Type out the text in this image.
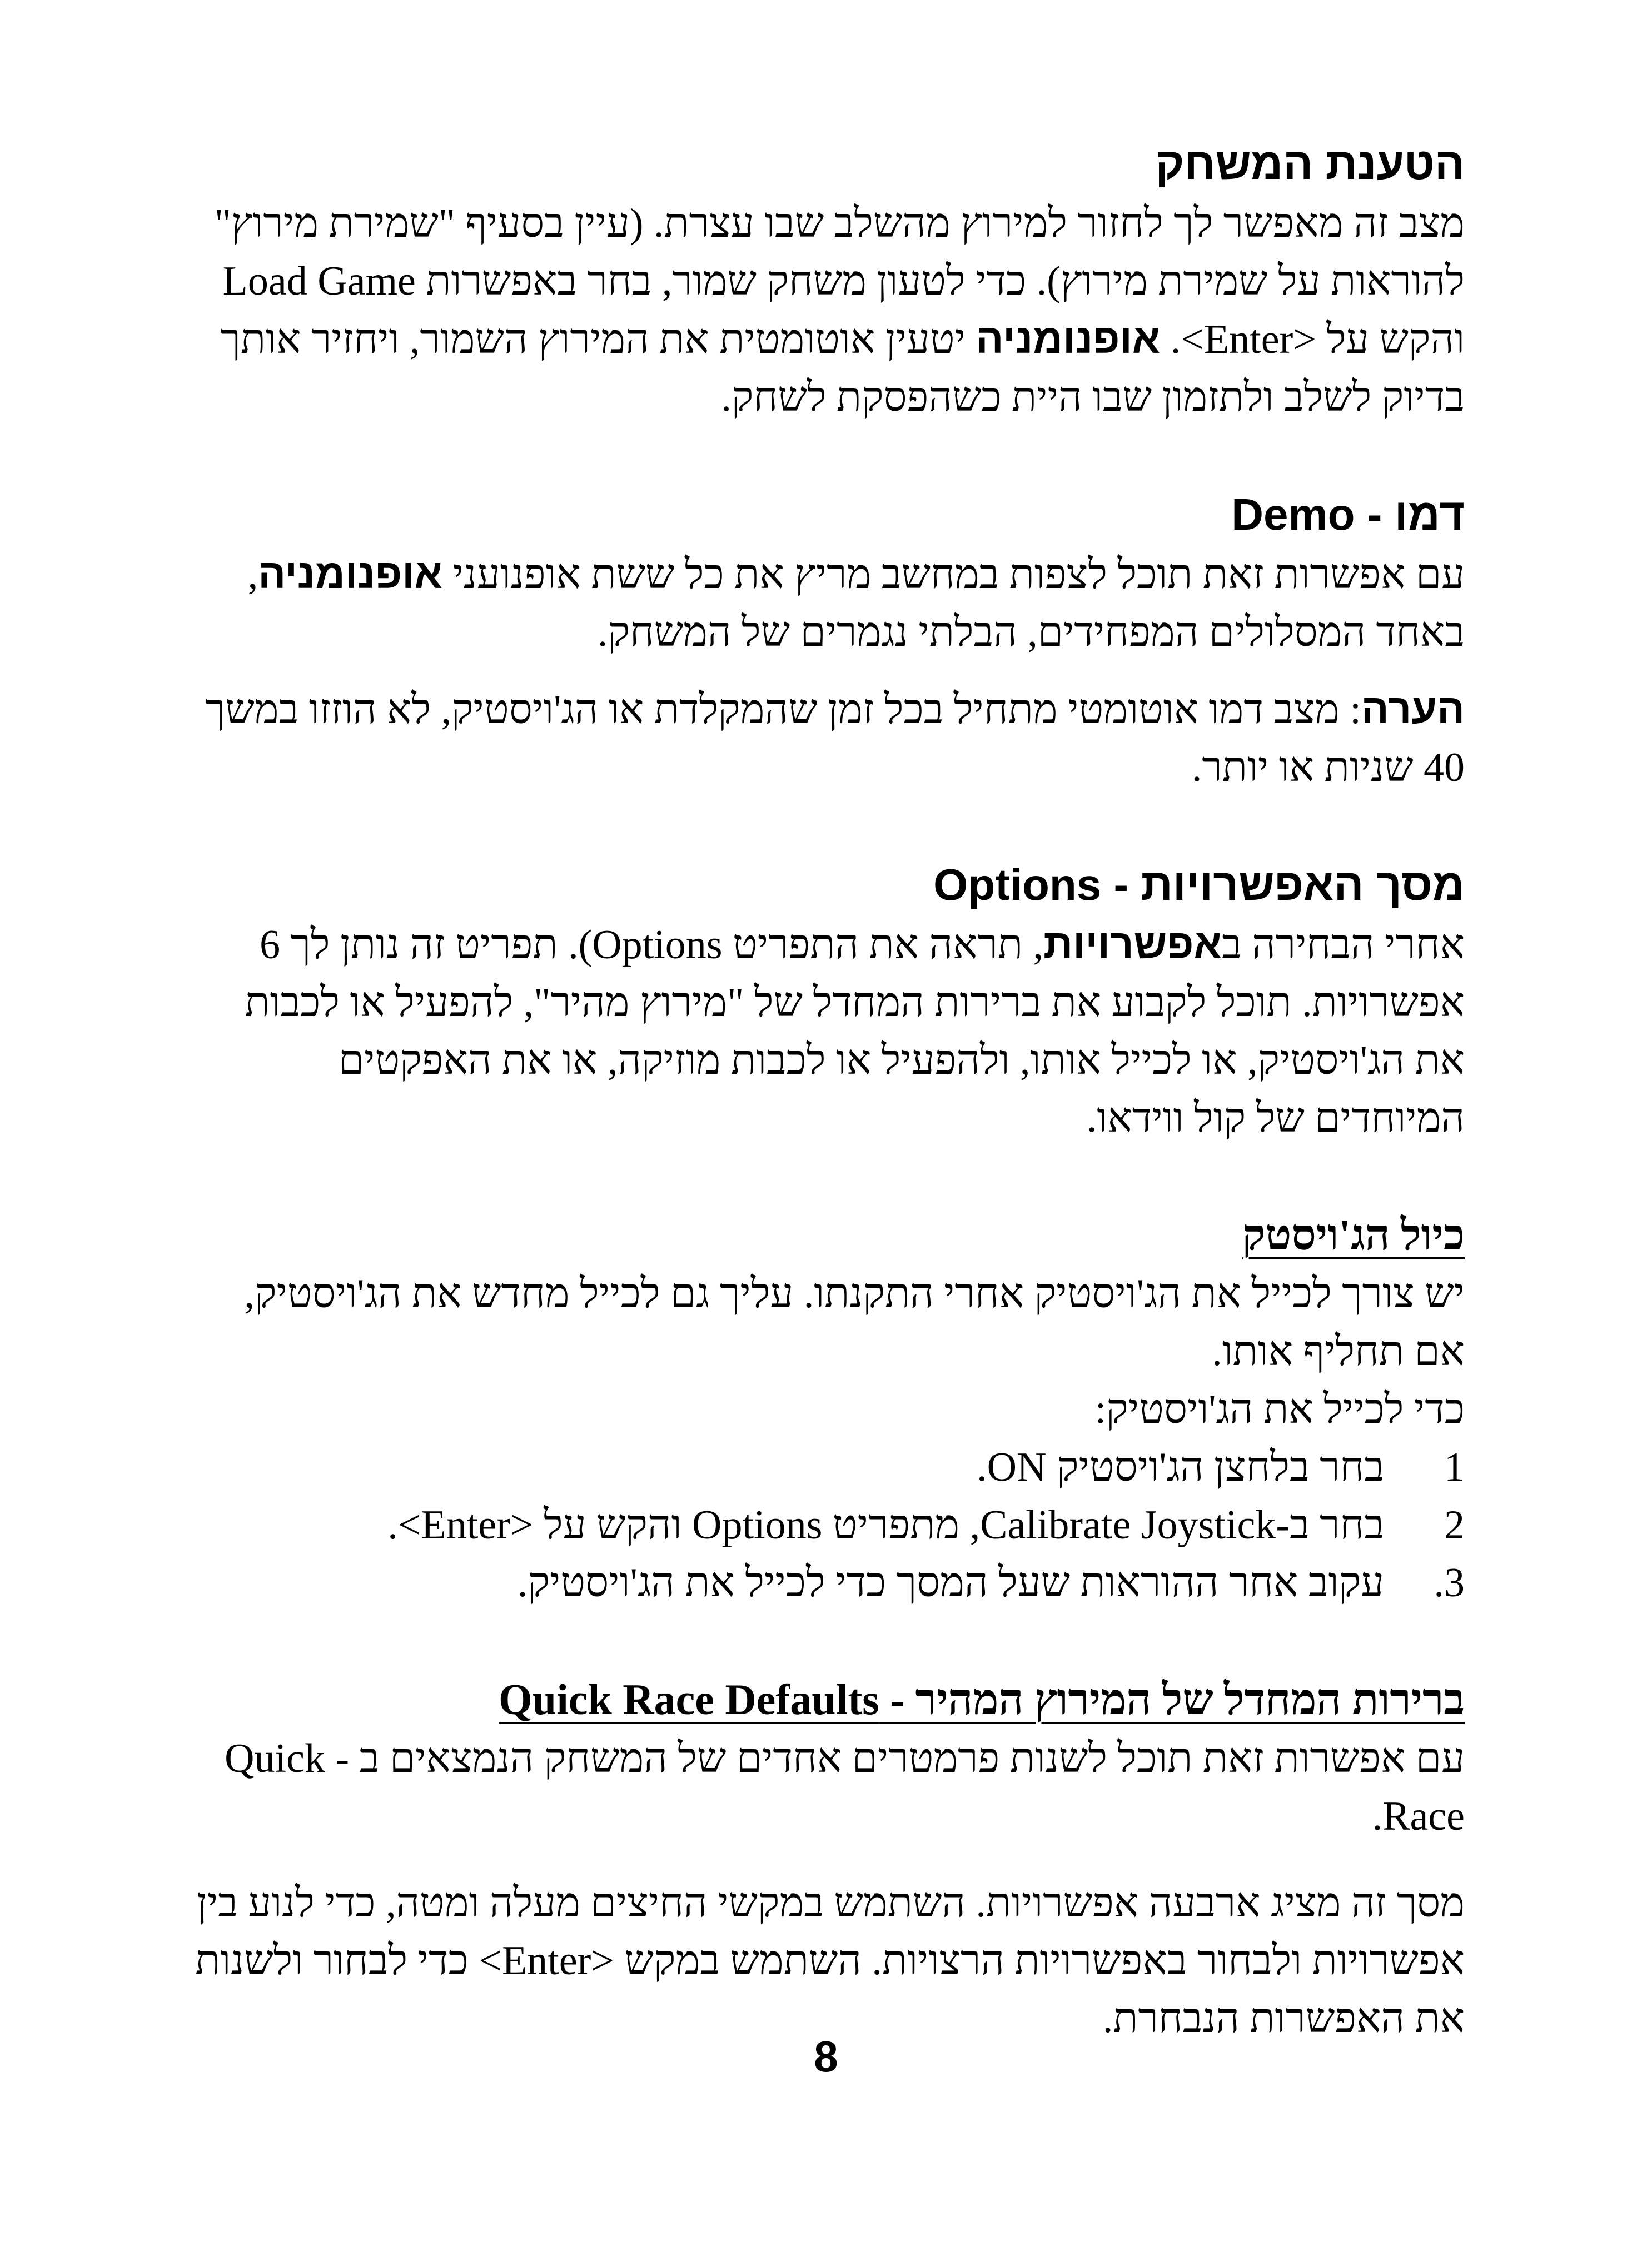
הטענת המשחק

מצב זה מאפשר לך לחזור למירוץ מהשלב שבו עצרת. (עיין בסעיף "שמירת מירוץ" להוראות על שמירת מירוץ). כדי לטעון משחק שמור, בחר באפשרות Load Game והקש על <Enter>. אופנומניה יטעין אוטומטית את המירוץ השמור, ויחזיר אותך בדיוק לשלב ולתזמון שבו היית כשהפסקת לשחק.

דמו - Demo

עם אפשרות זאת תוכל לצפות במחשב מריץ את כל ששת אופנועני אופנומניה, באחד המסלולים המפחידים, הבלתי נגמרים של המשחק.

הערה: מצב דמו אוטומטי מתחיל בכל זמן שהמקלדת או הג'ויסטיק, לא הוזזו במשך 40 שניות או יותר.

מסך האפשרויות - Options

אחרי הבחירה באפשרויות, תראה את התפריט Options). תפריט זה נותן לך 6 אפשרויות. תוכל לקבוע את ברירות המחדל של "מירוץ מהיר", להפעיל או לכבות את הג'ויסטיק, או לכייל אותו, ולהפעיל או לכבות מוזיקה, או את האפקטים המיוחדים של קול ווידאו.

כיול הג'ויסטק

יש צורך לכייל את הג'ויסטיק אחרי התקנתו. עליך גם לכייל מחדש את הג'ויסטיק, אם תחליף אותו.

כדי לכייל את הג'ויסטיק:

1
בחר בלחצן הג'ויסטיק ON.
2
בחר ב-Calibrate Joystick, מתפריט Options והקש על <Enter>.
3.
עקוב אחר ההוראות שעל המסך כדי לכייל את הג'ויסטיק.
ברירות המחדל של המירוץ המהיר - Quick Race Defaults

עם אפשרות זאת תוכל לשנות פרמטרים אחדים של המשחק הנמצאים ב - Quick Race.

מסך זה מציג ארבעה אפשרויות. השתמש במקשי החיצים מעלה ומטה, כדי לנוע בין אפשרויות ולבחור באפשרויות הרצויות. השתמש במקש <Enter> כדי לבחור ולשנות את האפשרות הנבחרת.

8
